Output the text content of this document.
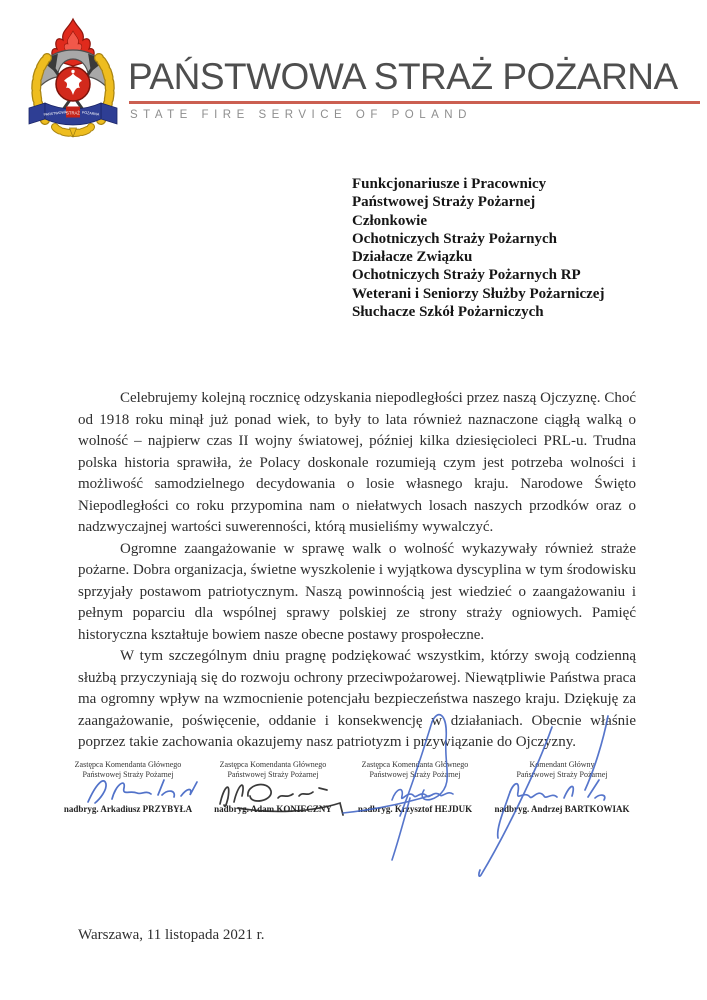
PAŃSTWOWA
STRAŻ POŻARNA
PAŃSTWOWA STRAŻ POŻARNA
STATE FIRE SERVICE OF POLAND
Funkcjonariusze i Pracownicy
Państwowej Straży Pożarnej
Członkowie
Ochotniczych Straży Pożarnych
Działacze Związku
Ochotniczych Straży Pożarnych RP
Weterani i Seniorzy Służby Pożarniczej
Słuchacze Szkół Pożarniczych

Celebrujemy kolejną rocznicę odzyskania niepodległości przez naszą Ojczyznę. Choć od 1918 roku minął już ponad wiek, to były to lata również naznaczone ciągłą walką o wolność – najpierw czas II wojny światowej, później kilka dziesięcioleci PRL-u. Trudna polska historia sprawiła, że Polacy doskonale rozumieją czym jest potrzeba wolności i możliwość samodzielnego decydowania o losie własnego kraju. Narodowe Święto Niepodległości co roku przypomina nam o niełatwych losach naszych przodków oraz o nadzwyczajnej wartości suwerenności, którą musieliśmy wywalczyć.

Ogromne zaangażowanie w sprawę walk o wolność wykazywały również straże pożarne. Dobra organizacja, świetne wyszkolenie i wyjątkowa dyscyplina w tym środowisku sprzyjały postawom patriotycznym. Naszą powinnością jest wiedzieć o zaangażowaniu i pełnym poparciu dla wspólnej sprawy polskiej ze strony straży ogniowych. Pamięć historyczna kształtuje bowiem nasze obecne postawy prospołeczne.

W tym szczególnym dniu pragnę podziękować wszystkim, którzy swoją codzienną służbą przyczyniają się do rozwoju ochrony przeciwpożarowej. Niewątpliwie Państwa praca ma ogromny wpływ na wzmocnienie potencjału bezpieczeństwa naszego kraju. Dziękuję za zaangażowanie, poświęcenie, oddanie i konsekwencję w działaniach. Obecnie właśnie poprzez takie zachowania okazujemy nasz patriotyzm i przywiązanie do Ojczyzny.

Zastępca Komendanta Głównego
Państwowej Straży Pożarnej
nadbryg. Arkadiusz PRZYBYŁA
Zastępca Komendanta Głównego
Państwowej Straży Pożarnej
nadbryg. Adam KONIECZNY
Zastępca Komendanta Głównego
Państwowej Straży Pożarnej
nadbryg. Krzysztof HEJDUK
Komendant Główny
Państwowej Straży Pożarnej
nadbryg. Andrzej BARTKOWIAK
Warszawa, 11 listopada 2021 r.
